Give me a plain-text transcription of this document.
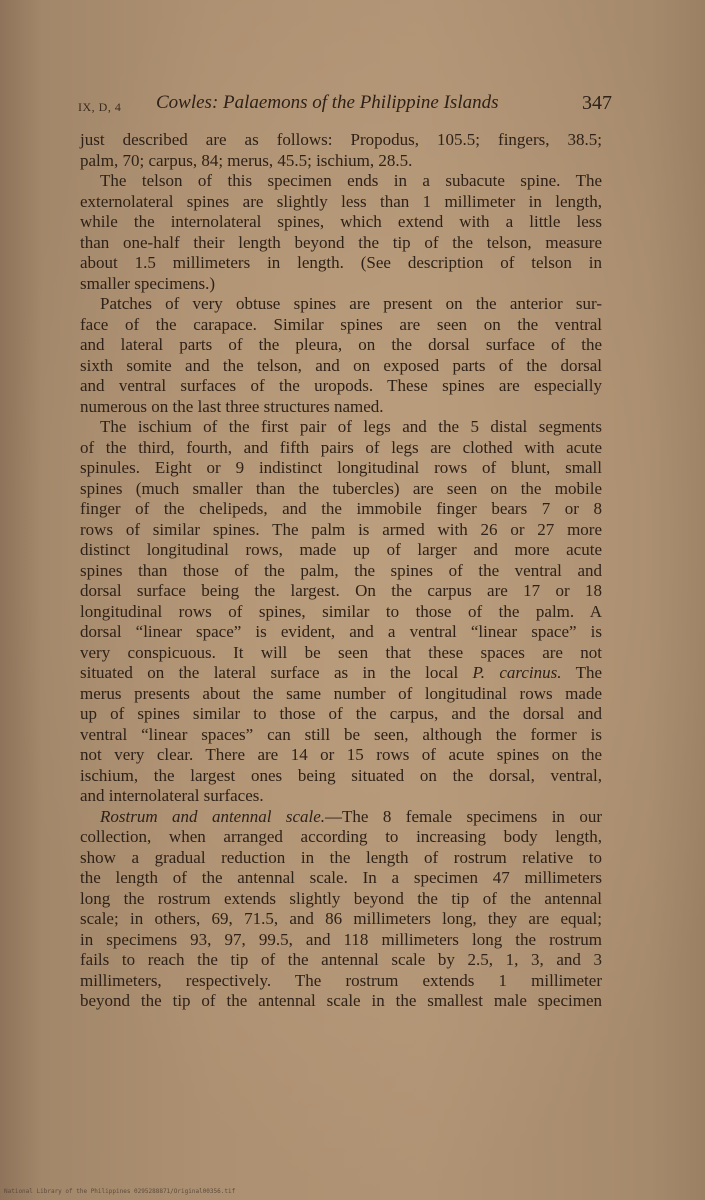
IX, D, 4 Cowles: Palaemons of the Philippine Islands	347
just described are as follows: Propodus, 105.5; fingers, 38.5;
palm, 70; carpus, 84; merus, 45.5; ischium, 28.5.
The telson of this specimen ends in a subacute spine. The
externolateral spines are slightly less than 1 millimeter in length,
while the internolateral spines, which extend with a little less
than one-half their length beyond the tip of the telson, measure
about 1.5 millimeters in length. (See description of telson in
smaller specimens.)
Patches of very obtuse spines are present on the anterior sur-
face of the carapace. Similar spines are seen on the ventral
and lateral parts of the pleura, on the dorsal surface of the
sixth somite and the telson, and on exposed parts of the dorsal
and ventral surfaces of the uropods. These spines are especially
numerous on the last three structures named.
The ischium of the first pair of legs and the 5 distal segments
of the third, fourth, and fifth pairs of legs are clothed with acute
spinules. Eight or 9 indistinct longitudinal rows of blunt, small
spines (much smaller than the tubercles) are seen on the mobile
finger of the chelipeds, and the immobile finger bears 7 or 8
rows of similar spines. The palm is armed with 26 or 27 more
distinct longitudinal rows, made up of larger and more acute
spines than those of the palm, the spines of the ventral and
dorsal surface being the largest. On the carpus are 17 or 18
longitudinal rows of spines, similar to those of the palm. A
dorsal “linear space” is evident, and a ventral “linear space” is
very conspicuous. It will be seen that these spaces are not
situated on the lateral surface as in the local P. carcinus. The
merus presents about the same number of longitudinal rows made
up of spines similar to those of the carpus, and the dorsal and
ventral “linear spaces” can still be seen, although the former is
not very clear. There are 14 or 15 rows of acute spines on the
ischium, the largest ones being situated on the dorsal, ventral,
and internolateral surfaces.
Rostrum and antennal scale.—The 8 female specimens in our
collection, when arranged according to increasing body length,
show a gradual reduction in the length of rostrum relative to
the length of the antennal scale. In a specimen 47 millimeters
long the rostrum extends slightly beyond the tip of the antennal
scale; in others, 69, 71.5, and 86 millimeters long, they are equal;
in specimens 93, 97, 99.5, and 118 millimeters long the rostrum
fails to reach the tip of the antennal scale by 2.5, 1, 3, and 3
millimeters, respectively. The rostrum extends 1 millimeter
beyond the tip of the antennal scale in the smallest male specimen
National Library of the Philippines 0295288871/Original00356.tif
